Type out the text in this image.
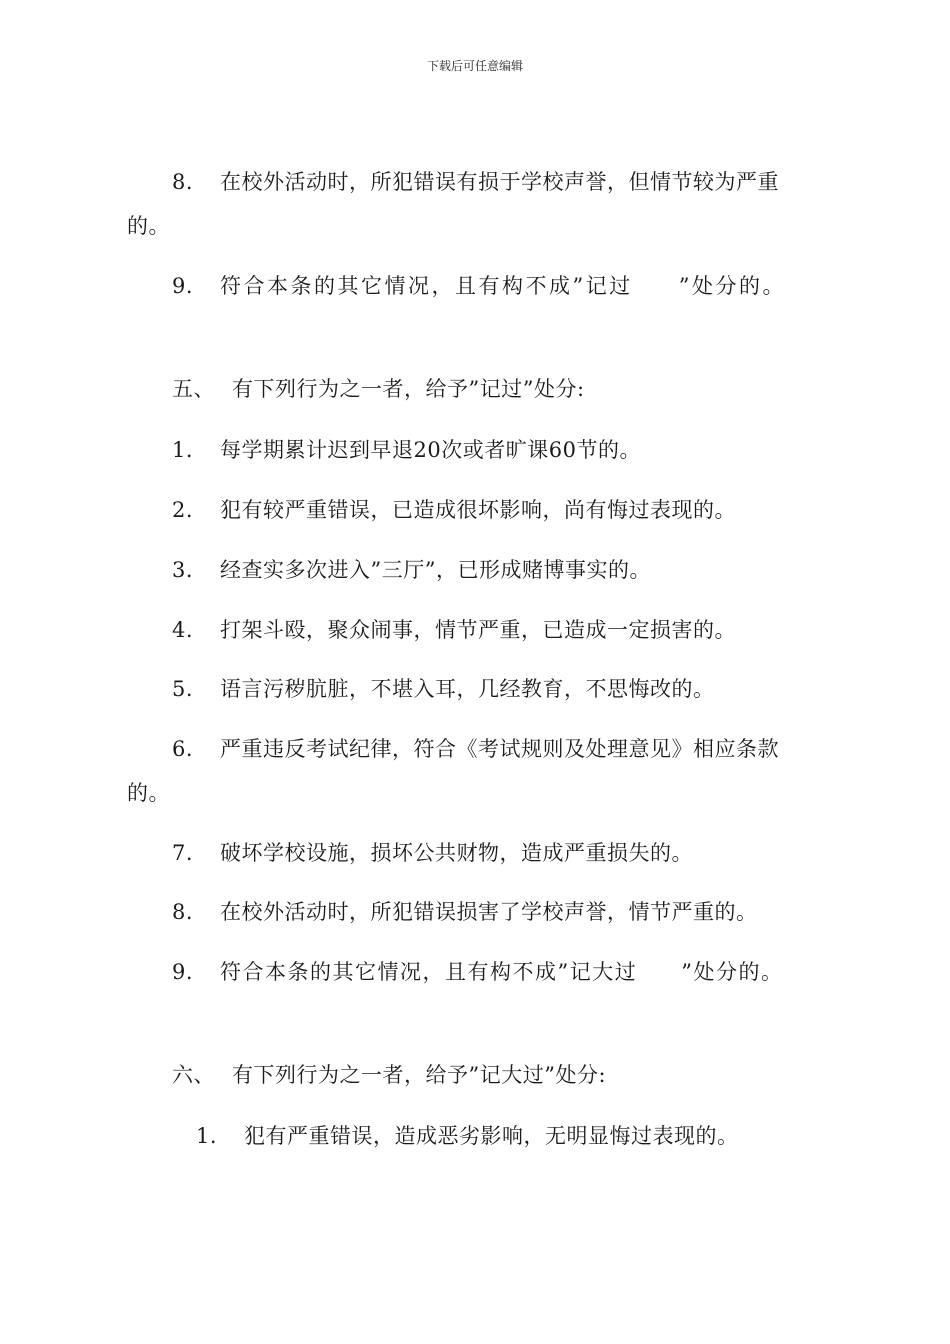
下载后可任意编辑
8. 在校外活动时，所犯错误有损于学校声誉，但情节较为严重
的。
9. 符合本条的其它情况，且有构不成”记过 ”处分的。
五、 有下列行为之一者，给予”记过”处分:
1. 每学期累计迟到早退20次或者旷课60节的。
2. 犯有较严重错误，已造成很坏影响，尚有悔过表现的。
3. 经查实多次进入”三厅”，已形成赌博事实的。
4. 打架斗殴，聚众闹事，情节严重，已造成一定损害的。
5. 语言污秽肮脏，不堪入耳，几经教育，不思悔改的。
6. 严重违反考试纪律，符合《考试规则及处理意见》相应条款
的。
7. 破坏学校设施，损坏公共财物，造成严重损失的。
8. 在校外活动时，所犯错误损害了学校声誉，情节严重的。
9. 符合本条的其它情况，且有构不成”记大过 ”处分的。
六、 有下列行为之一者，给予”记大过”处分:
1. 犯有严重错误，造成恶劣影响，无明显悔过表现的。
